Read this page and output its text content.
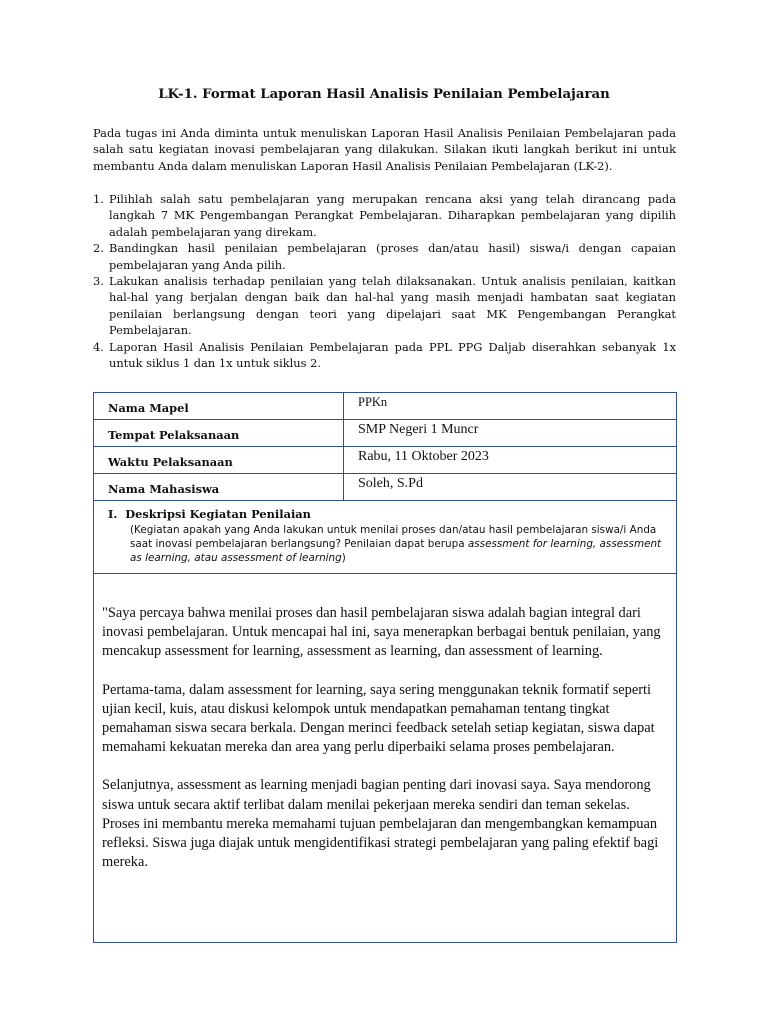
LK-1. Format Laporan Hasil Analisis Penilaian Pembelajaran

Pada tugas ini Anda diminta untuk menuliskan Laporan Hasil Analisis Penilaian Pembelajaran pada salah satu kegiatan inovasi pembelajaran yang dilakukan. Silakan ikuti langkah berikut ini untuk membantu Anda dalam menuliskan Laporan Hasil Analisis Penilaian Pembelajaran (LK-2).

1. Pilihlah salah satu pembelajaran yang merupakan rencana aksi yang telah dirancang pada langkah 7 MK Pengembangan Perangkat Pembelajaran. Diharapkan pembelajaran yang dipilih adalah pembelajaran yang direkam.
2. Bandingkan hasil penilaian pembelajaran (proses dan/atau hasil) siswa/i dengan capaian pembelajaran yang Anda pilih.
3. Lakukan analisis terhadap penilaian yang telah dilaksanakan. Untuk analisis penilaian, kaitkan hal-hal yang berjalan dengan baik dan hal-hal yang masih menjadi hambatan saat kegiatan penilaian berlangsung dengan teori yang dipelajari saat MK Pengembangan Perangkat Pembelajaran.
4. Laporan Hasil Analisis Penilaian Pembelajaran pada PPL PPG Daljab diserahkan sebanyak 1x untuk siklus 1 dan 1x untuk siklus 2.
Nama Mapel	PPKn
Tempat Pelaksanaan	SMP Negeri 1 Muncr
Waktu Pelaksanaan	Rabu, 11 Oktober 2023
Nama Mahasiswa	Soleh, S.Pd

I. Deskripsi Kegiatan Penilaian
(Kegiatan apakah yang Anda lakukan untuk menilai proses dan/atau hasil pembelajaran siswa/i Anda saat inovasi pembelajaran berlangsung? Penilaian dapat berupa assessment for learning, assessment as learning, atau assessment of learning)	

"Saya percaya bahwa menilai proses dan hasil pembelajaran siswa adalah bagian integral dari inovasi pembelajaran. Untuk mencapai hal ini, saya menerapkan berbagai bentuk penilaian, yang mencakup assessment for learning, assessment as learning, dan assessment of learning.

Pertama-tama, dalam assessment for learning, saya sering menggunakan teknik formatif seperti ujian kecil, kuis, atau diskusi kelompok untuk mendapatkan pemahaman tentang tingkat pemahaman siswa secara berkala. Dengan merinci feedback setelah setiap kegiatan, siswa dapat memahami kekuatan mereka dan area yang perlu diperbaiki selama proses pembelajaran.

Selanjutnya, assessment as learning menjadi bagian penting dari inovasi saya. Saya mendorong siswa untuk secara aktif terlibat dalam menilai pekerjaan mereka sendiri dan teman sekelas. Proses ini membantu mereka memahami tujuan pembelajaran dan mengembangkan kemampuan refleksi. Siswa juga diajak untuk mengidentifikasi strategi pembelajaran yang paling efektif bagi mereka.	
